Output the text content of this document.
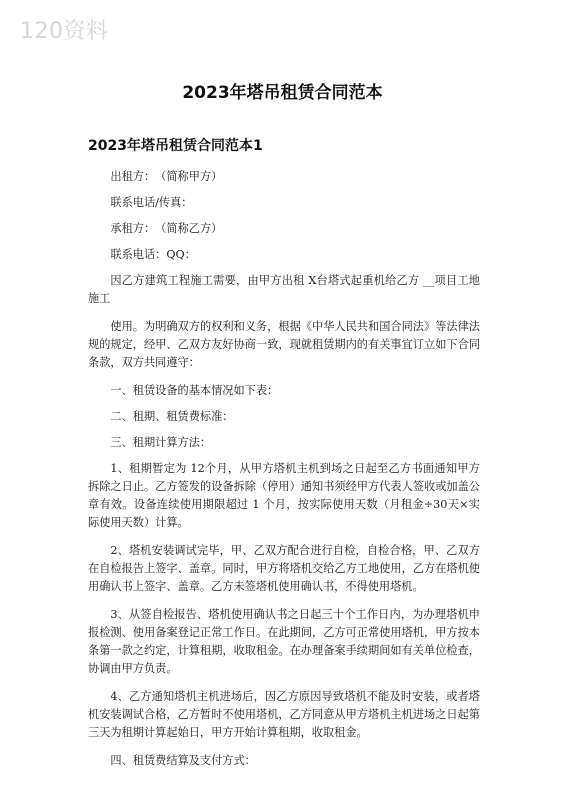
120资料
2023年塔吊租赁合同范本
2023年塔吊租赁合同范本1

出租方：　（简称甲方）

联系电话/传真：

承租方：　（简称乙方）

联系电话：QQ：

因乙方建筑工程施工需要，由甲方出租 X台塔式起重机给乙方 __项目工地施工

使用。为明确双方的权利和义务，根据《中华人民共和国合同法》等法律法规的规定，经甲、乙双方友好协商一致，现就租赁期内的有关事宜订立如下合同条款，双方共同遵守：

一、租赁设备的基本情况如下表：

二、租期、租赁费标准：

三、租期计算方法：

1、租期暂定为 12个月，从甲方塔机主机到场之日起至乙方书面通知甲方拆除之日止。乙方签发的设备拆除（停用）通知书须经甲方代表人签收或加盖公章有效。设备连续使用期限超过 1 个月，按实际使用天数（月租金÷30天×实际使用天数）计算。

2、塔机安装调试完毕，甲、乙双方配合进行自检，自检合格，甲、乙双方在自检报告上签字、盖章。同时，甲方将塔机交给乙方工地使用，乙方在塔机使用确认书上签字、盖章。乙方未签塔机使用确认书，不得使用塔机。

3、从签自检报告、塔机使用确认书之日起三十个工作日内，为办理塔机申报检测、使用备案登记正常工作日。在此期间，乙方可正常使用塔机，甲方按本条第一款之约定，计算租期，收取租金。在办理备案手续期间如有关单位检查，协调由甲方负责。

4、乙方通知塔机主机进场后，因乙方原因导致塔机不能及时安装，或者塔机安装调试合格，乙方暂时不使用塔机，乙方同意从甲方塔机主机进场之日起第三天为租期计算起始日，甲方开始计算租期，收取租金。

四、租赁费结算及支付方式：
